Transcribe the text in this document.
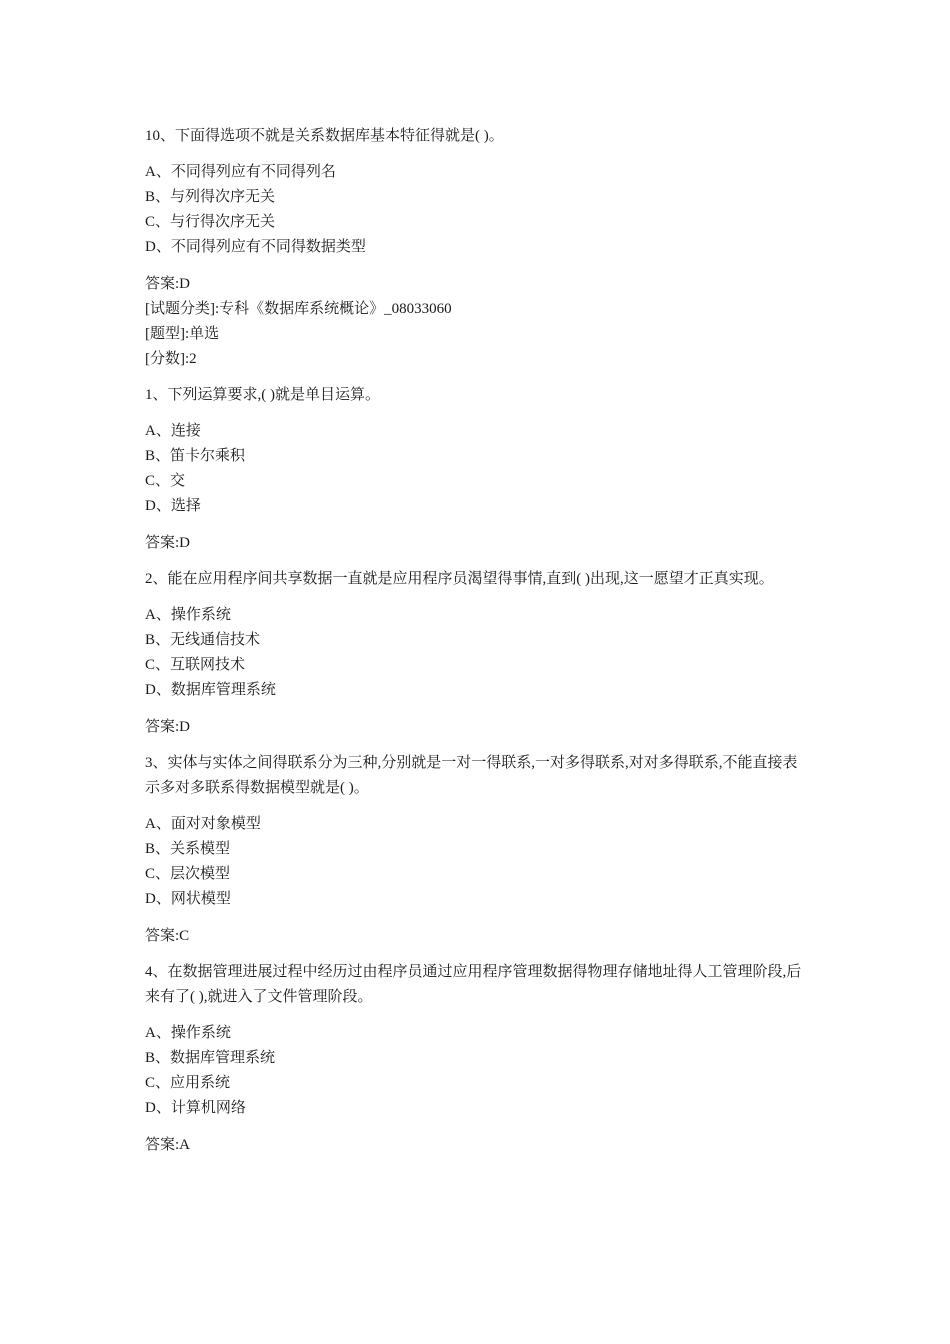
10、下面得选项不就是关系数据库基本特征得就是( )。

A、不同得列应有不同得列名

B、与列得次序无关

C、与行得次序无关

D、不同得列应有不同得数据类型

答案:D

[试题分类]:专科《数据库系统概论》_08033060

[题型]:单选

[分数]:2

1、下列运算要求,( )就是单目运算。

A、连接

B、笛卡尔乘积

C、交

D、选择

答案:D

2、能在应用程序间共享数据一直就是应用程序员渴望得事情,直到( )出现,这一愿望才正真实现。

A、操作系统

B、无线通信技术

C、互联网技术

D、数据库管理系统

答案:D

3、实体与实体之间得联系分为三种,分别就是一对一得联系,一对多得联系,对对多得联系,不能直接表示多对多联系得数据模型就是( )。

A、面对对象模型

B、关系模型

C、层次模型

D、网状模型

答案:C

4、在数据管理进展过程中经历过由程序员通过应用程序管理数据得物理存储地址得人工管理阶段,后来有了( ),就进入了文件管理阶段。

A、操作系统

B、数据库管理系统

C、应用系统

D、计算机网络

答案:A
